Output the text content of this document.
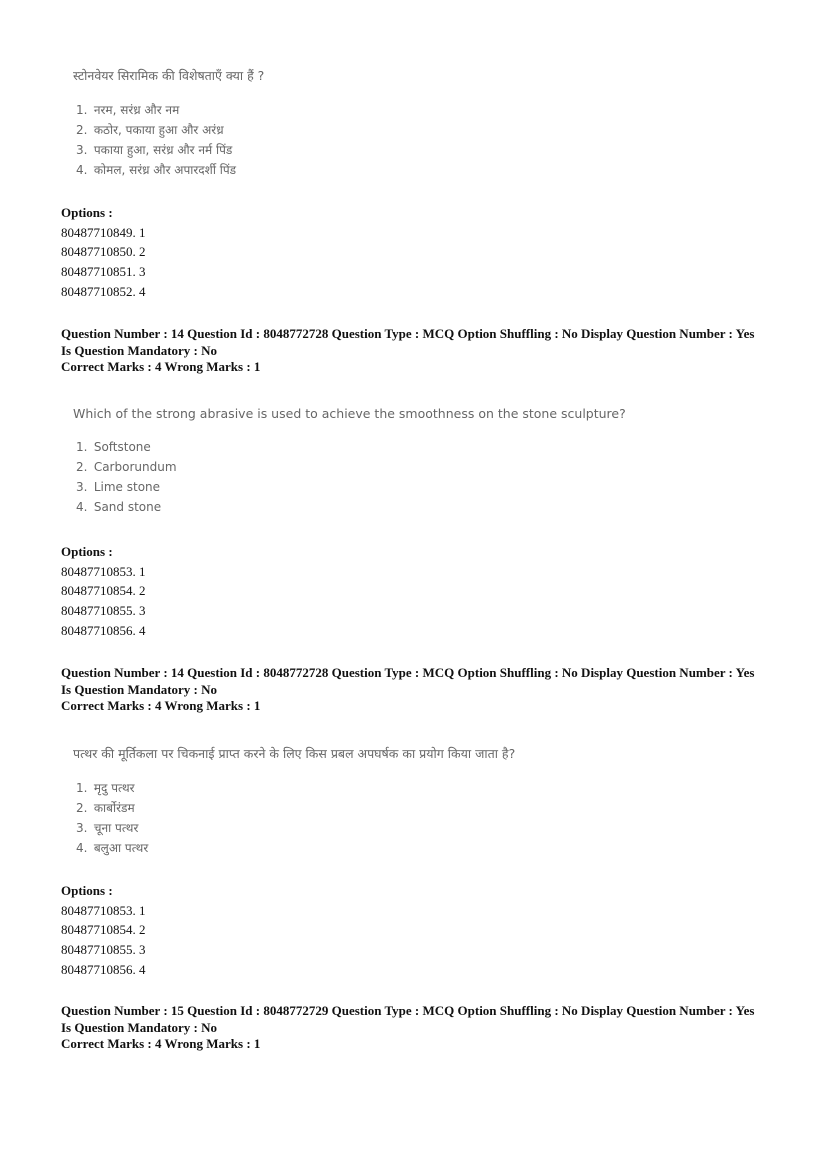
स्टोनवेयर सिरामिक की विशेषताएँ क्या हैं ?
1. नरम, सरंध्र और नम
2. कठोर, पकाया हुआ और अरंध्र
3. पकाया हुआ, सरंध्र और नर्म पिंड
4. कोमल, सरंध्र और अपारदर्शी पिंड
Options :
80487710849. 1
80487710850. 2
80487710851. 3
80487710852. 4
Question Number : 14 Question Id : 8048772728 Question Type : MCQ Option Shuffling : No Display Question Number : Yes
Is Question Mandatory : No
Correct Marks : 4 Wrong Marks : 1
Which of the strong abrasive is used to achieve the smoothness on the stone sculpture?
1. Softstone
2. Carborundum
3. Lime stone
4. Sand stone
Options :
80487710853. 1
80487710854. 2
80487710855. 3
80487710856. 4
Question Number : 14 Question Id : 8048772728 Question Type : MCQ Option Shuffling : No Display Question Number : Yes
Is Question Mandatory : No
Correct Marks : 4 Wrong Marks : 1
पत्थर की मूर्तिकला पर चिकनाई प्राप्त करने के लिए किस प्रबल अपघर्षक का प्रयोग किया जाता है?
1. मृदु पत्थर
2. कार्बोरंडम
3. चूना पत्थर
4. बलुआ पत्थर
Options :
80487710853. 1
80487710854. 2
80487710855. 3
80487710856. 4
Question Number : 15 Question Id : 8048772729 Question Type : MCQ Option Shuffling : No Display Question Number : Yes
Is Question Mandatory : No
Correct Marks : 4 Wrong Marks : 1
